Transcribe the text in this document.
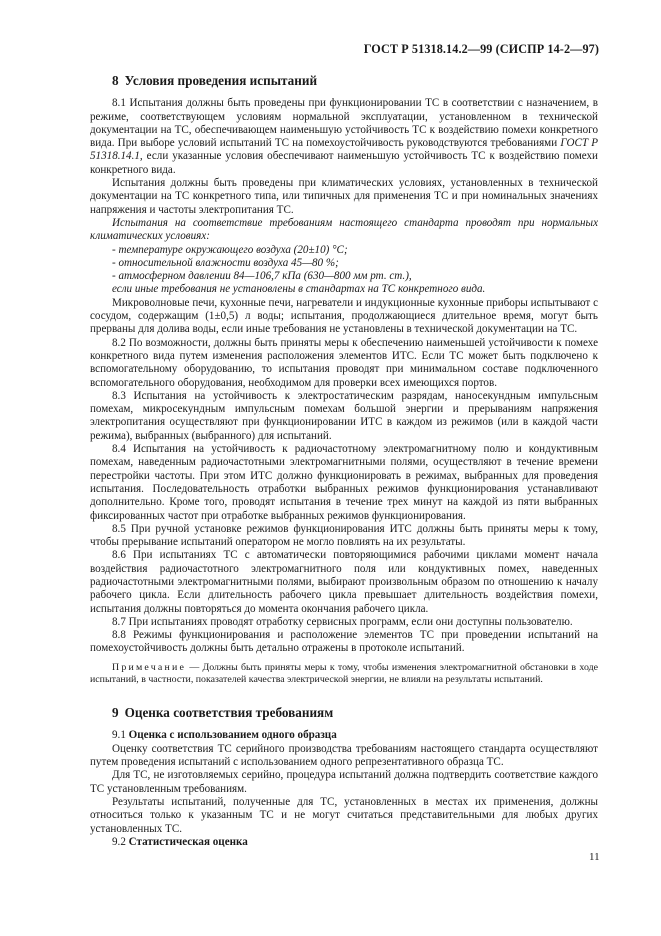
ГОСТ Р 51318.14.2—99 (СИСПР 14-2—97)

8 Условия проведения испытаний

8.1 Испытания должны быть проведены при функционировании ТС в соответствии с назначением, в режиме, соответствующем условиям нормальной эксплуатации, установленном в технической документации на ТС, обеспечивающем наименьшую устойчивость ТС к воздействию помехи конкретного вида. При выборе условий испытаний ТС на помехоустойчивость руководствуются требованиями ГОСТ Р 51318.14.1, если указанные условия обеспечивают наименьшую устойчивость ТС к воздействию помехи конкретного вида.

Испытания должны быть проведены при климатических условиях, установленных в технической документации на ТС конкретного типа, или типичных для применения ТС и при номинальных значениях напряжения и частоты электропитания ТС.

Испытания на соответствие требованиям настоящего стандарта проводят при нормальных климатических условиях:

- температуре окружающего воздуха (20±10) °С;

- относительной влажности воздуха 45—80 %;

- атмосферном давлении 84—106,7 кПа (630—800 мм рт. ст.),

если иные требования не установлены в стандартах на ТС конкретного вида.

Микроволновые печи, кухонные печи, нагреватели и индукционные кухонные приборы испытывают с сосудом, содержащим (1±0,5) л воды; испытания, продолжающиеся длительное время, могут быть прерваны для долива воды, если иные требования не установлены в технической документации на ТС.

8.2 По возможности, должны быть приняты меры к обеспечению наименьшей устойчивости к помехе конкретного вида путем изменения расположения элементов ИТС. Если ТС может быть подключено к вспомогательному оборудованию, то испытания проводят при минимальном составе подключенного вспомогательного оборудования, необходимом для проверки всех имеющихся портов.

8.3 Испытания на устойчивость к электростатическим разрядам, наносекундным импульсным помехам, микросекундным импульсным помехам большой энергии и прерываниям напряжения электропитания осуществляют при функционировании ИТС в каждом из режимов (или в каждой части режима), выбранных (выбранного) для испытаний.

8.4 Испытания на устойчивость к радиочастотному электромагнитному полю и кондуктивным помехам, наведенным радиочастотными электромагнитными полями, осуществляют в течение времени перестройки частоты. При этом ИТС должно функционировать в режимах, выбранных для проведения испытания. Последовательность отработки выбранных режимов функционирования устанавливают дополнительно. Кроме того, проводят испытания в течение трех минут на каждой из пяти выбранных фиксированных частот при отработке выбранных режимов функционирования.

8.5 При ручной установке режимов функционирования ИТС должны быть приняты меры к тому, чтобы прерывание испытаний оператором не могло повлиять на их результаты.

8.6 При испытаниях ТС с автоматически повторяющимися рабочими циклами момент начала воздействия радиочастотного электромагнитного поля или кондуктивных помех, наведенных радиочастотными электромагнитными полями, выбирают произвольным образом по отношению к началу рабочего цикла. Если длительность рабочего цикла превышает длительность воздействия помехи, испытания должны повторяться до момента окончания рабочего цикла.

8.7 При испытаниях проводят отработку сервисных программ, если они доступны пользователю.

8.8 Режимы функционирования и расположение элементов ТС при проведении испытаний на помехоустойчивость должны быть детально отражены в протоколе испытаний.

Примечание — Должны быть приняты меры к тому, чтобы изменения электромагнитной обстановки в ходе испытаний, в частности, показателей качества электрической энергии, не влияли на результаты испытаний.

9 Оценка соответствия требованиям

9.1 Оценка с использованием одного образца

Оценку соответствия ТС серийного производства требованиям настоящего стандарта осуществляют путем проведения испытаний с использованием одного репрезентативного образца ТС.

Для ТС, не изготовляемых серийно, процедура испытаний должна подтвердить соответствие каждого ТС установленным требованиям.

Результаты испытаний, полученные для ТС, установленных в местах их применения, должны относиться только к указанным ТС и не могут считаться представительными для любых других установленных ТС.

9.2 Статистическая оценка

11
